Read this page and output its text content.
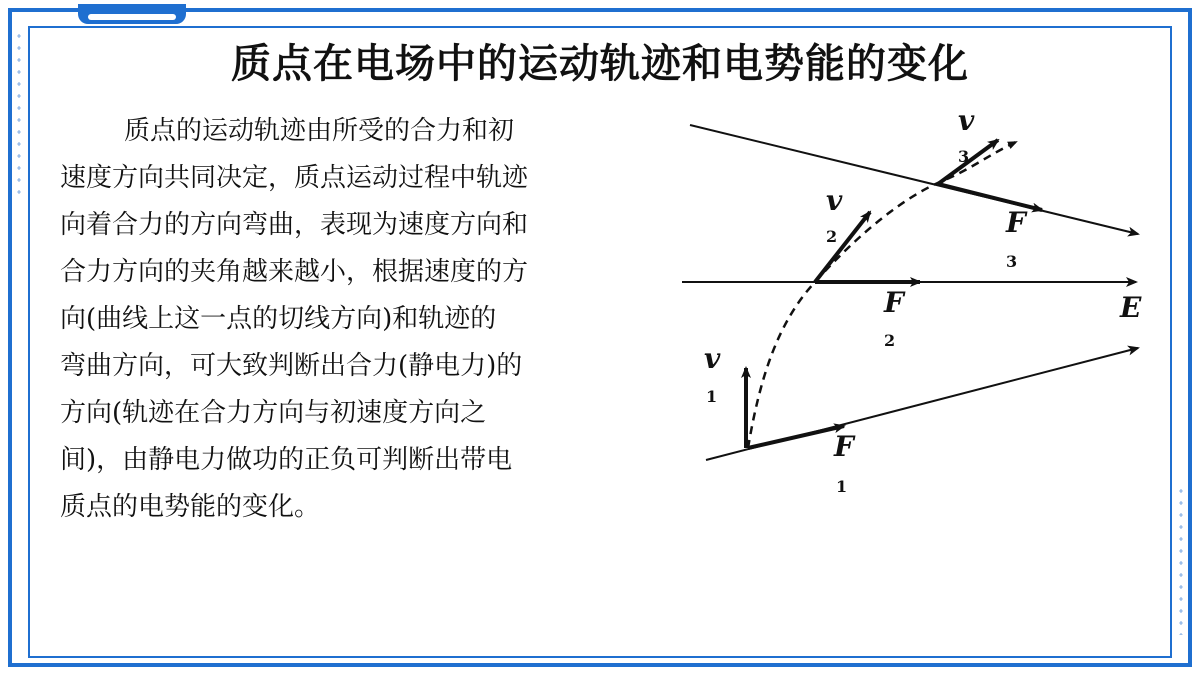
质点在电场中的运动轨迹和电势能的变化
质点的运动轨迹由所受的合力和初
速度方向共同决定，质点运动过程中轨迹
向着合力的方向弯曲，表现为速度方向和
合力方向的夹角越来越小，根据速度的方
向(曲线上这一点的切线方向)和轨迹的
弯曲方向，可大致判断出合力(静电力)的
方向(轨迹在合力方向与初速度方向之
间)，由静电力做功的正负可判断出带电
质点的电势能的变化。
E
F
1
F
2
F
3
v
1
v
2
v
3
